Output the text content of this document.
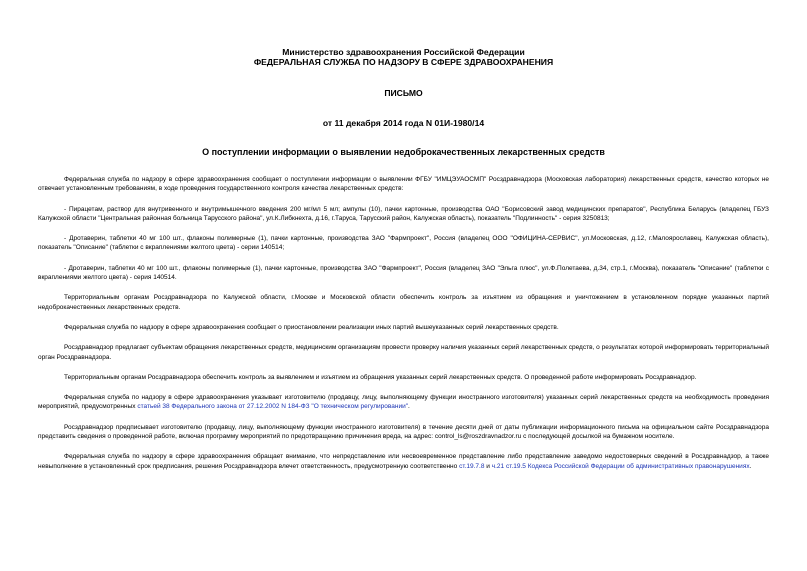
Министерство здравоохранения Российской Федерации
ФЕДЕРАЛЬНАЯ СЛУЖБА ПО НАДЗОРУ В СФЕРЕ ЗДРАВООХРАНЕНИЯ
ПИСЬМО
от 11 декабря 2014 года N 01И-1980/14
О поступлении информации о выявлении недоброкачественных лекарственных средств

Федеральная служба по надзору в сфере здравоохранения сообщает о поступлении информации о выявлении ФГБУ "ИМЦЭУАОСМП" Росздравнадзора (Московская лаборатория) лекарственных средств, качество которых не отвечает установленным требованиям, в ходе проведения государственного контроля качества лекарственных средств:

- Пирацетам, раствор для внутривенного и внутримышечного введения 200 мг/мл 5 мл; ампулы (10), пачки картонные, производства ОАО "Борисовский завод медицинских препаратов", Республика Беларусь (владелец ГБУЗ Калужской области "Центральная районная больница Тарусского района", ул.К.Либкнехта, д.16, г.Таруса, Тарусский район, Калужская область), показатель "Подлинность" - серия 3250813;

- Дротаверин, таблетки 40 мг 100 шт., флаконы полимерные (1), пачки картонные, производства ЗАО "Фармпроект", Россия (владелец ООО "ОФИЦИНА-СЕРВИС", ул.Московская, д.12, г.Малоярославец, Калужская область), показатель "Описание" (таблетки с вкраплениями желтого цвета) - серии 140514;

- Дротаверин, таблетки 40 мг 100 шт., флаконы полимерные (1), пачки картонные, производства ЗАО "Фармпроект", Россия (владелец ЗАО "Эльга плюс", ул.Ф.Полетаева, д.34, стр.1, г.Москва), показатель "Описание" (таблетки с вкраплениями желтого цвета) - серия 140514.

Территориальным органам Росздравнадзора по Калужской области, г.Москве и Московской области обеспечить контроль за изъятием из обращения и уничтожением в установленном порядке указанных партий недоброкачественных лекарственных средств.

Федеральная служба по надзору в сфере здравоохранения сообщает о приостановлении реализации иных партий вышеуказанных серий лекарственных средств.

Росздравнадзор предлагает субъектам обращения лекарственных средств, медицинским организациям провести проверку наличия указанных серий лекарственных средств, о результатах которой информировать территориальный орган Росздравнадзора.

Территориальным органам Росздравнадзора обеспечить контроль за выявлением и изъятием из обращения указанных серий лекарственных средств. О проведенной работе информировать Росздравнадзор.

Федеральная служба по надзору в сфере здравоохранения указывает изготовителю (продавцу, лицу, выполняющему функции иностранного изготовителя) указанных серий лекарственных средств на необходимость проведения мероприятий, предусмотренных статьей 38 Федерального закона от 27.12.2002 N 184-ФЗ "О техническом регулировании".

Росздравнадзор предписывает изготовителю (продавцу, лицу, выполняющему функции иностранного изготовителя) в течение десяти дней от даты публикации информационного письма на официальном сайте Росздравнадзора представить сведения о проведенной работе, включая программу мероприятий по предотвращению причинения вреда, на адрес: control_ls@roszdravnadzor.ru с последующей досылкой на бумажном носителе.

Федеральная служба по надзору в сфере здравоохранения обращает внимание, что непредставление или несвоевременное представление либо представление заведомо недостоверных сведений в Росздравнадзор, а также невыполнение в установленный срок предписания, решения Росздравнадзора влечет ответственность, предусмотренную соответственно ст.19.7.8 и ч.21 ст.19.5 Кодекса Российской Федерации об административных правонарушениях.
